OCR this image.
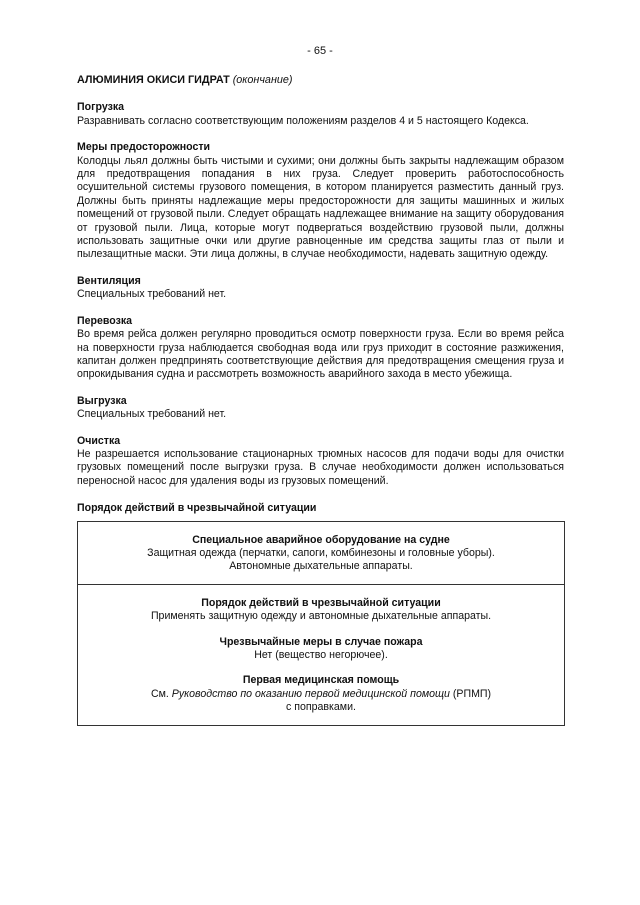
- 65 -
АЛЮМИНИЯ ОКИСИ ГИДРАТ (окончание)
Погрузка
Разравнивать согласно соответствующим положениям разделов 4 и 5 настоящего Кодекса.
Меры предосторожности
Колодцы льял должны быть чистыми и сухими; они должны быть закрыты надлежащим образом для предотвращения попадания в них груза. Следует проверить работоспособность осушительной системы грузового помещения, в котором планируется разместить данный груз. Должны быть приняты надлежащие меры предосторожности для защиты машинных и жилых помещений от грузовой пыли. Следует обращать надлежащее внимание на защиту оборудования от грузовой пыли. Лица, которые могут подвергаться воздействию грузовой пыли, должны использовать защитные очки или другие равноценные им средства защиты глаз от пыли и пылезащитные маски. Эти лица должны, в случае необходимости, надевать защитную одежду.
Вентиляция
Специальных требований нет.
Перевозка
Во время рейса должен регулярно проводиться осмотр поверхности груза. Если во время рейса на поверхности груза наблюдается свободная вода или груз приходит в состояние разжижения, капитан должен предпринять соответствующие действия для предотвращения смещения груза и опрокидывания судна и рассмотреть возможность аварийного захода в место убежища.
Выгрузка
Специальных требований нет.
Очистка
Не разрешается использование стационарных трюмных насосов для подачи воды для очистки грузовых помещений после выгрузки груза. В случае необходимости должен использоваться переносной насос для удаления воды из грузовых помещений.
Порядок действий в чрезвычайной ситуации
Специальное аварийное оборудование на судне
Защитная одежда (перчатки, сапоги, комбинезоны и головные уборы).
Автономные дыхательные аппараты.
Порядок действий в чрезвычайной ситуации
Применять защитную одежду и автономные дыхательные аппараты.
Чрезвычайные меры в случае пожара
Нет (вещество негорючее).
Первая медицинская помощь
См. Руководство по оказанию первой медицинской помощи (РПМП)
с поправками.
